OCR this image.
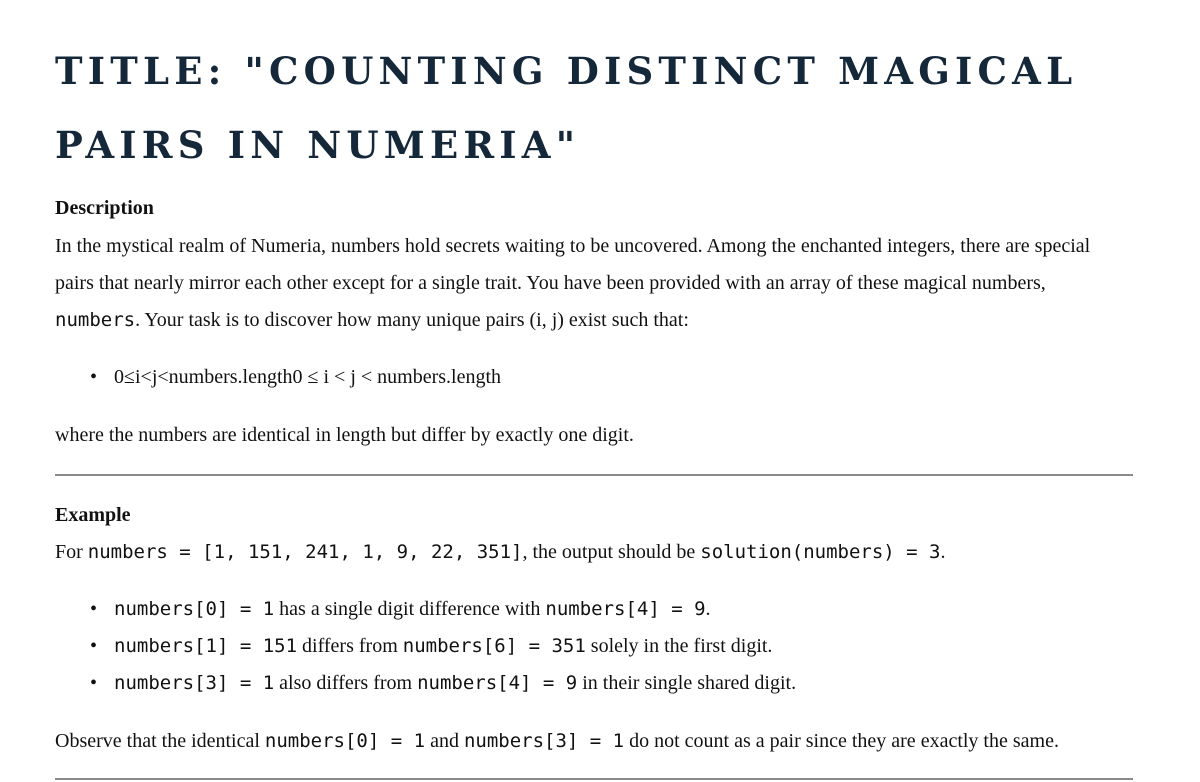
TITLE: "COUNTING DISTINCT MAGICAL PAIRS IN NUMERIA"
Description

In the mystical realm of Numeria, numbers hold secrets waiting to be uncovered. Among the enchanted integers, there are special pairs that nearly mirror each other except for a single trait. You have been provided with an array of these magical numbers, numbers. Your task is to discover how many unique pairs (i, j) exist such that:

• 0≤i<j<numbers.length0 ≤ i < j < numbers.length

where the numbers are identical in length but differ by exactly one digit.

Example

For numbers = [1, 151, 241, 1, 9, 22, 351], the output should be solution(numbers) = 3.

• numbers[0] = 1 has a single digit difference with numbers[4] = 9.
• numbers[1] = 151 differs from numbers[6] = 351 solely in the first digit.
• numbers[3] = 1 also differs from numbers[4] = 9 in their single shared digit.

Observe that the identical numbers[0] = 1 and numbers[3] = 1 do not count as a pair since they are exactly the same.
